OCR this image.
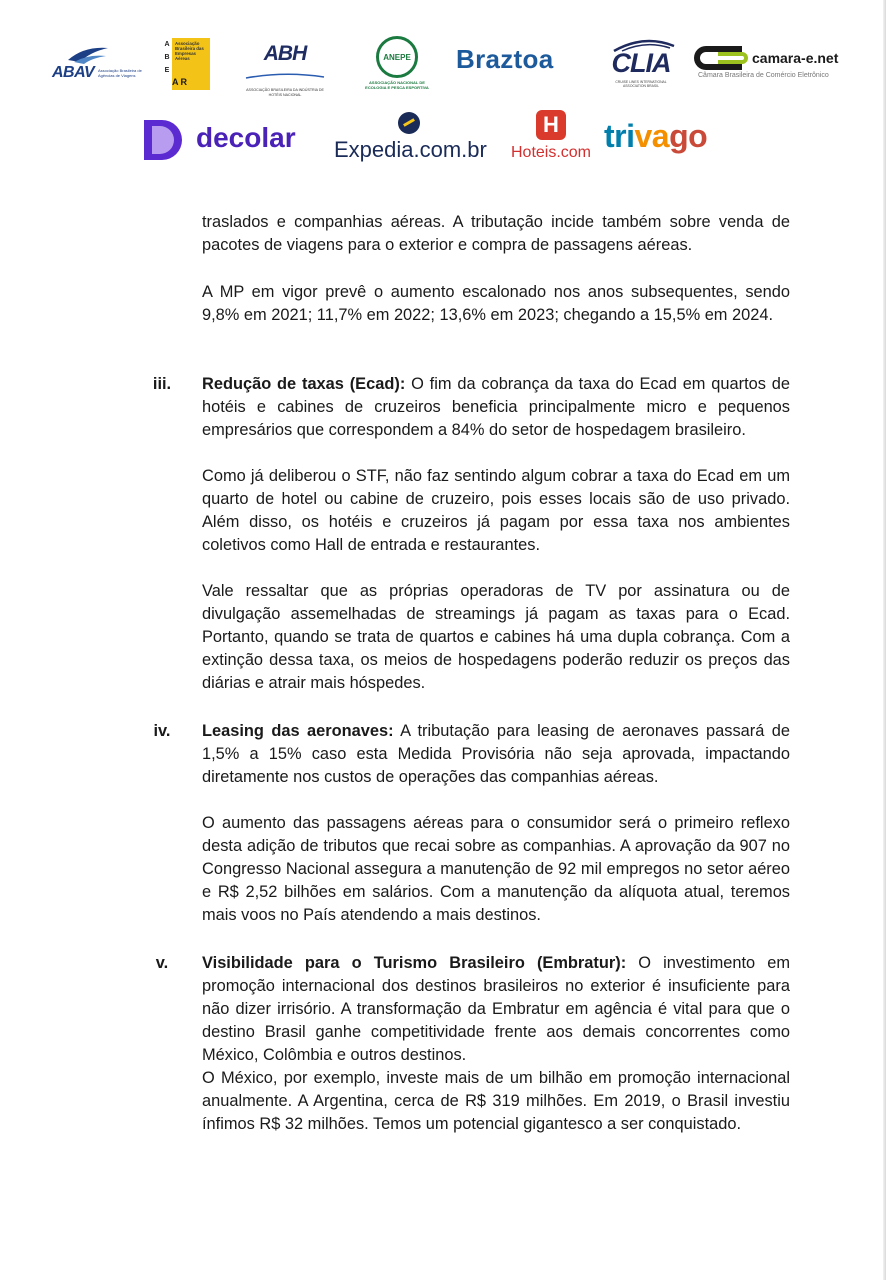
ABAV Associação Brasileira de Agências de Viagens
A
B
E
Associação Brasileira das Empresas Aéreas
AR
ABH
ASSOCIAÇÃO BRASILEIRA DA INDÚSTRIA DE HOTÉIS NACIONAL
ANEPE
ASSOCIAÇÃO NACIONAL DE ECOLOGIA E PESCA ESPORTIVA
Braztoa CLIA
CRUISE LINES INTERNATIONAL ASSOCIATION BRASIL
camara-e.net
Câmara Brasileira de Comércio Eletrônico
decolar Expedia.com.br
H	Hoteis.com trivago

traslados e companhias aéreas. A tributação incide também sobre venda de pacotes de viagens para o exterior e compra de passagens aéreas.

A MP em vigor prevê o aumento escalonado nos anos subsequentes, sendo 9,8% em 2021; 11,7% em 2022; 13,6% em 2023; chegando a 15,5% em 2024.

iii.	Redução de taxas (Ecad): O fim da cobrança da taxa do Ecad em quartos de hotéis e cabines de cruzeiros beneficia principalmente micro e pequenos empresários que correspondem a 84% do setor de hospedagem brasileiro.

Como já deliberou o STF, não faz sentindo algum cobrar a taxa do Ecad em um quarto de hotel ou cabine de cruzeiro, pois esses locais são de uso privado. Além disso, os hotéis e cruzeiros já pagam por essa taxa nos ambientes coletivos como Hall de entrada e restaurantes.

Vale ressaltar que as próprias operadoras de TV por assinatura ou de divulgação assemelhadas de streamings já pagam as taxas para o Ecad. Portanto, quando se trata de quartos e cabines há uma dupla cobrança. Com a extinção dessa taxa, os meios de hospedagens poderão reduzir os preços das diárias e atrair mais hóspedes.

iv.	Leasing das aeronaves: A tributação para leasing de aeronaves passará de 1,5% a 15% caso esta Medida Provisória não seja aprovada, impactando diretamente nos custos de operações das companhias aéreas.

O aumento das passagens aéreas para o consumidor será o primeiro reflexo desta adição de tributos que recai sobre as companhias. A aprovação da 907 no Congresso Nacional assegura a manutenção de 92 mil empregos no setor aéreo e R$ 2,52 bilhões em salários. Com a manutenção da alíquota atual, teremos mais voos no País atendendo a mais destinos.

v.	Visibilidade para o Turismo Brasileiro (Embratur): O investimento em promoção internacional dos destinos brasileiros no exterior é insuficiente para não dizer irrisório. A transformação da Embratur em agência é vital para que o destino Brasil ganhe competitividade frente aos demais concorrentes como México, Colômbia e outros destinos.

O México, por exemplo, investe mais de um bilhão em promoção internacional anualmente. A Argentina, cerca de R$ 319 milhões. Em 2019, o Brasil investiu ínfimos R$ 32 milhões. Temos um potencial gigantesco a ser conquistado.
